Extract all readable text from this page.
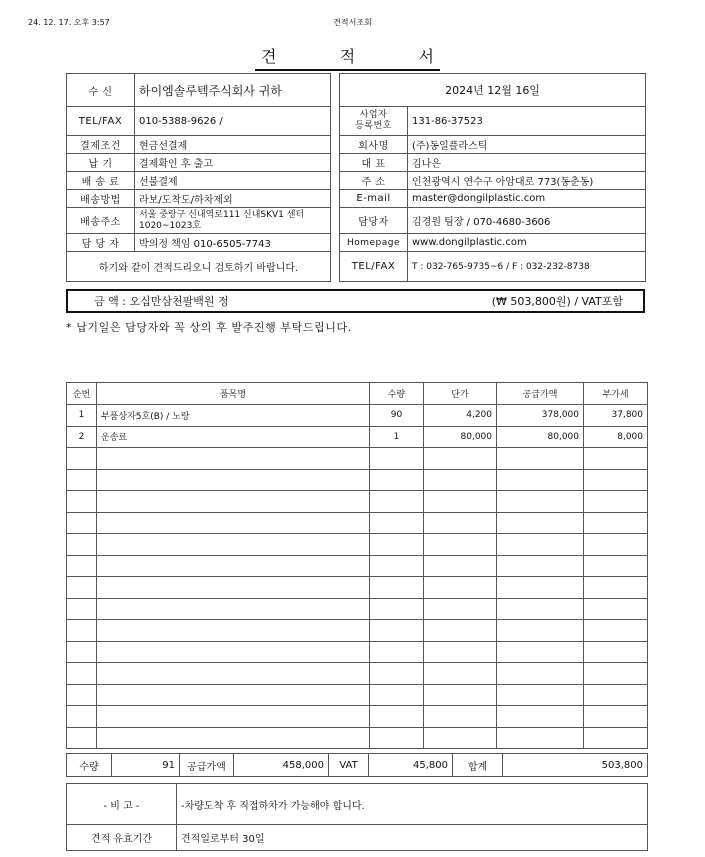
24. 12. 17. 오후 3:57	견적서조회
견	적	서
수 신	하이엠솔루텍주식회사 귀하
TEL/FAX	010-5388-9626 /
결제조건	현금선결제
납 기	결제확인 후 출고
배 송 료	선불결제
배송방법	라보/도착도/하차제외
배송주소	서울 중랑구 신내역로111 신내SKV1 센터 1020~1023호
담 당 자	박의정 책임 010-6505-7743
하기와 같이 견적드리오니 검토하기 바랍니다.	
2024년 12월 16일	
사업자
등록번호	131-86-37523
회사명	(주)동일플라스틱
대 표	김나은
주 소	인천광역시 연수구 아암대로 773(동춘동)
E-mail	master@dongilplastic.com
담당자	김경원 팀장 / 070-4680-3606
Homepage	www.dongilplastic.com
TEL/FAX	T : 032-765-9735~6 / F : 032-232-8738
금 액 : 오십만삼천팔백원 정	(₩ 503,800원) / VAT포함
* 납기일은 담당자와 꼭 상의 후 발주진행 부탁드립니다.
순번	품목명	수량	단가	공급가액	부가세
1	부품상자5호(B) / 노랑	90	4,200	378,000	37,800
2	운송료	1	80,000	80,000	8,000

수량	91	공급가액	458,000	VAT	45,800	합계	503,800
- 비 고 -	-차량도착 후 직접하차가 가능해야 합니다.
견적 유효기간	견적일로부터 30일
